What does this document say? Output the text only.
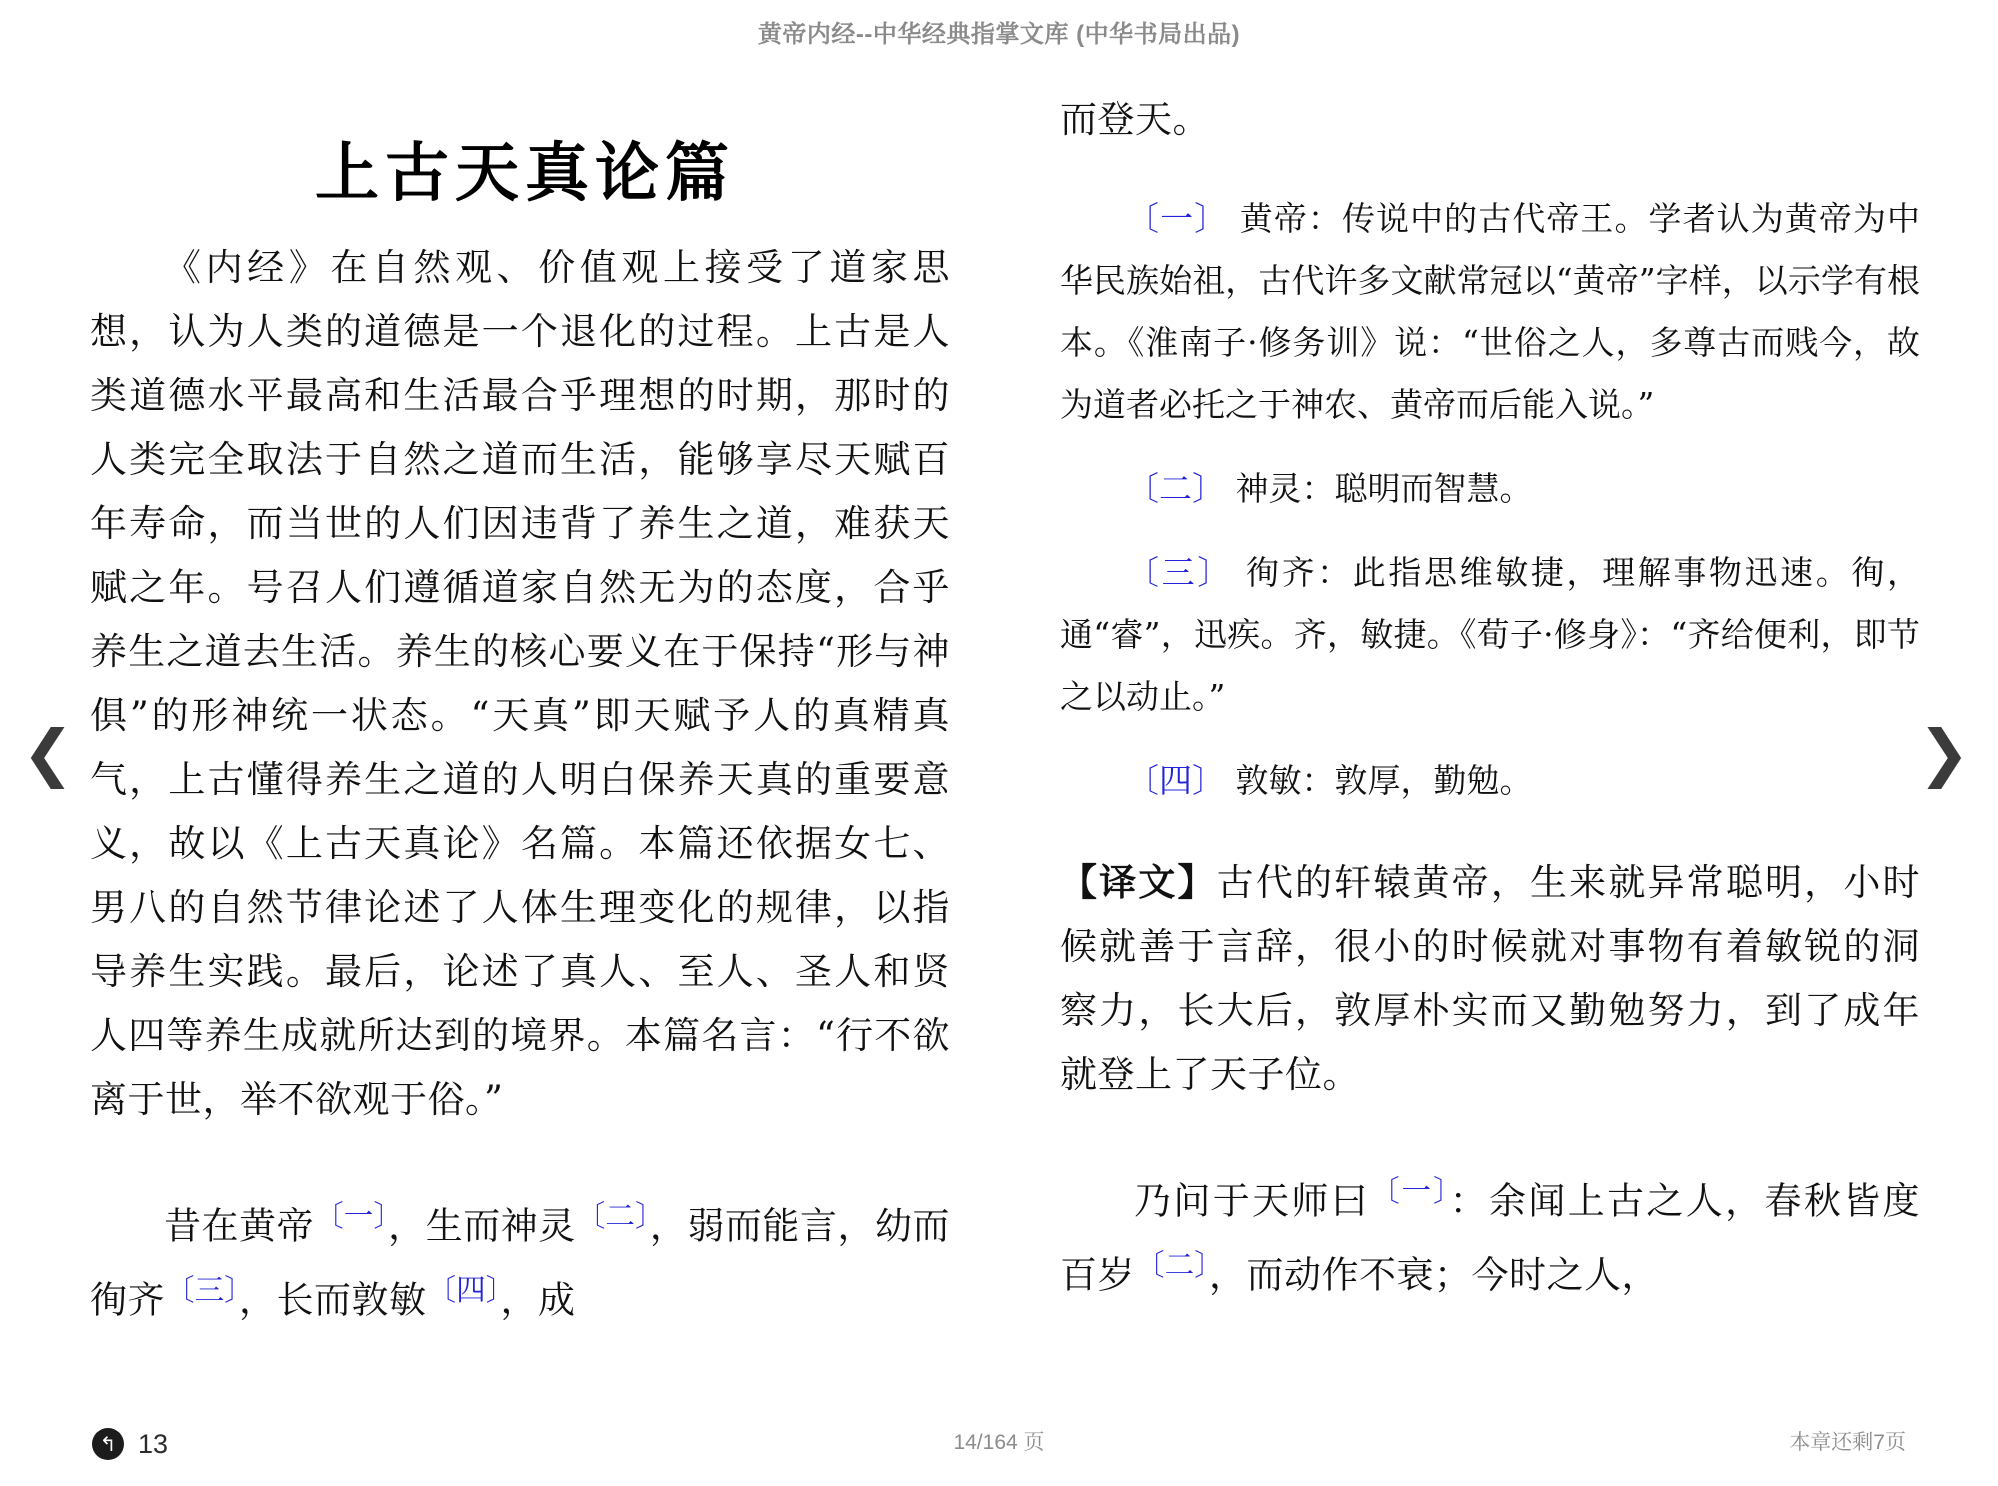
黄帝内经--中华经典指掌文库 (中华书局出品)
❮	❯
上古天真论篇

《内经》在自然观、价值观上接受了道家思想，认为人类的道德是一个退化的过程。上古是人类道德水平最高和生活最合乎理想的时期，那时的人类完全取法于自然之道而生活，能够享尽天赋百年寿命，而当世的人们因违背了养生之道，难获天赋之年。号召人们遵循道家自然无为的态度，合乎养生之道去生活。养生的核心要义在于保持“形与神俱”的形神统一状态。“天真”即天赋予人的真精真气，上古懂得养生之道的人明白保养天真的重要意义，故以《上古天真论》名篇。本篇还依据女七、男八的自然节律论述了人体生理变化的规律，以指导养生实践。最后，论述了真人、至人、圣人和贤人四等养生成就所达到的境界。本篇名言：“行不欲离于世，举不欲观于俗。”

昔在黄帝$^{〔一〕}$，生而神灵$^{〔二〕}$，弱而能言，幼而徇齐$^{〔三〕}$，长而敦敏$^{〔四〕}$，成

而登天。

〔一〕 黄帝：传说中的古代帝王。学者认为黄帝为中华民族始祖，古代许多文献常冠以“黄帝”字样，以示学有根本。《淮南子·修务训》说：“世俗之人，多尊古而贱今，故为道者必托之于神农、黄帝而后能入说。”

〔二〕 神灵：聪明而智慧。

〔三〕 徇齐：此指思维敏捷，理解事物迅速。徇，通“睿”，迅疾。齐，敏捷。《荀子·修身》：“齐给便利，即节之以动止。”

〔四〕 敦敏：敦厚，勤勉。

【译文】古代的轩辕黄帝，生来就异常聪明，小时候就善于言辞，很小的时候就对事物有着敏锐的洞察力，长大后，敦厚朴实而又勤勉努力，到了成年就登上了天子位。

乃问于天师曰$^{〔一〕}$：余闻上古之人，春秋皆度百岁$^{〔二〕}$，而动作不衰；今时之人，

↰ 13	14/164 页	本章还剩7页
